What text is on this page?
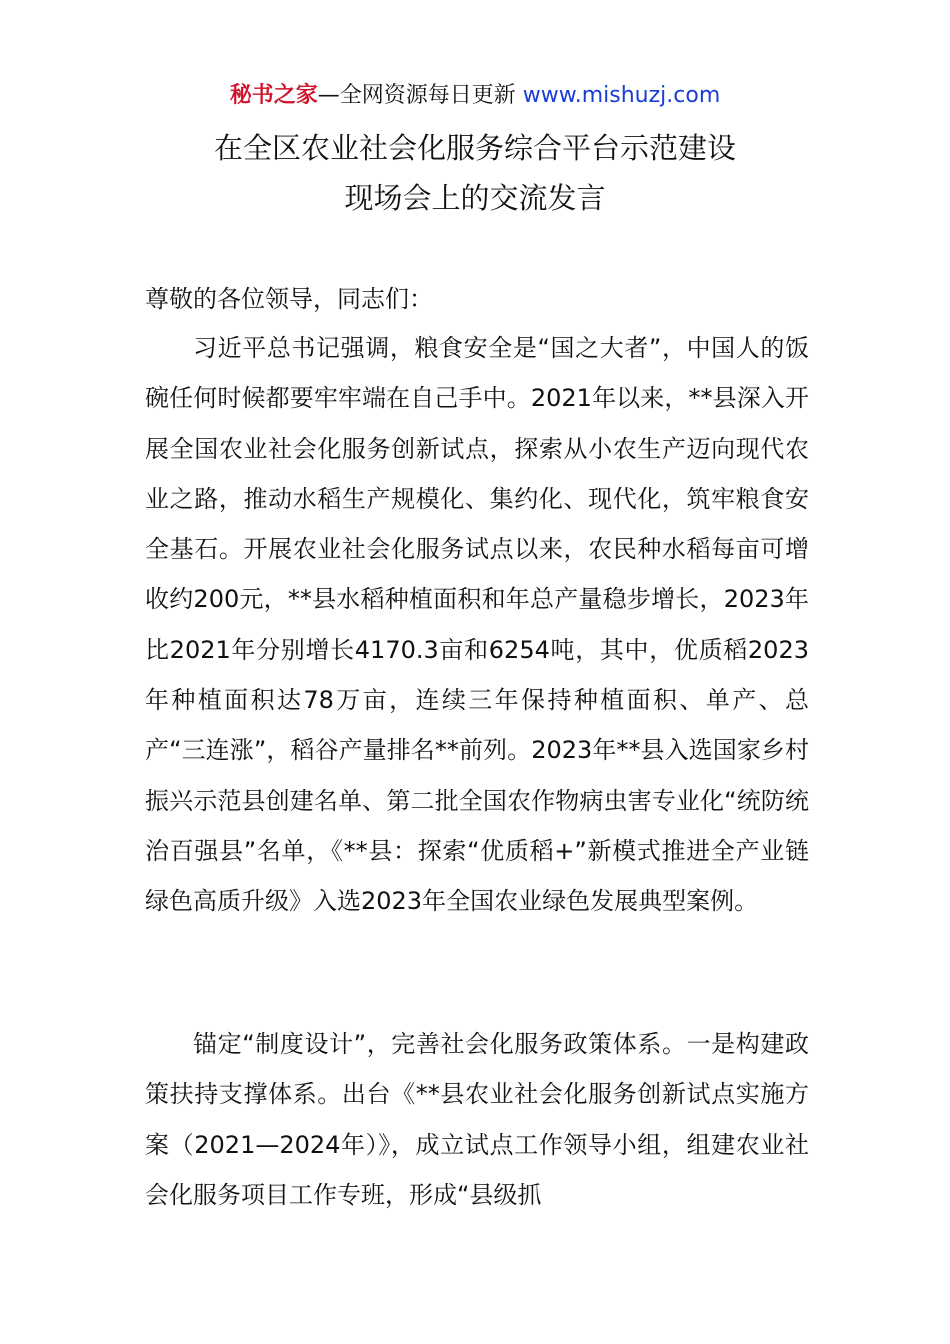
秘书之家—全网资源每日更新 www.mishuzj.com
在全区农业社会化服务综合平台示范建设
现场会上的交流发言
尊敬的各位领导，同志们：
习近平总书记强调，粮食安全是“国之大者”，中国人的饭碗任何时候都要牢牢端在自己手中。2021年以来，**县深入开展全国农业社会化服务创新试点，探索从小农生产迈向现代农业之路，推动水稻生产规模化、集约化、现代化，筑牢粮食安全基石。开展农业社会化服务试点以来，农民种水稻每亩可增收约200元，**县水稻种植面积和年总产量稳步增长，2023年比2021年分别增长4170.3亩和6254吨，其中，优质稻2023年种植面积达78万亩，连续三年保持种植面积、单产、总产“三连涨”，稻谷产量排名**前列。2023年**县入选国家乡村振兴示范县创建名单、第二批全国农作物病虫害专业化“统防统治百强县”名单，《**县：探索“优质稻+”新模式推进全产业链绿色高质升级》入选2023年全国农业绿色发展典型案例。
锚定“制度设计”，完善社会化服务政策体系。一是构建政策扶持支撑体系。出台《**县农业社会化服务创新试点实施方案（2021—2024年）》，成立试点工作领导小组，组建农业社会化服务项目工作专班，形成“县级抓
